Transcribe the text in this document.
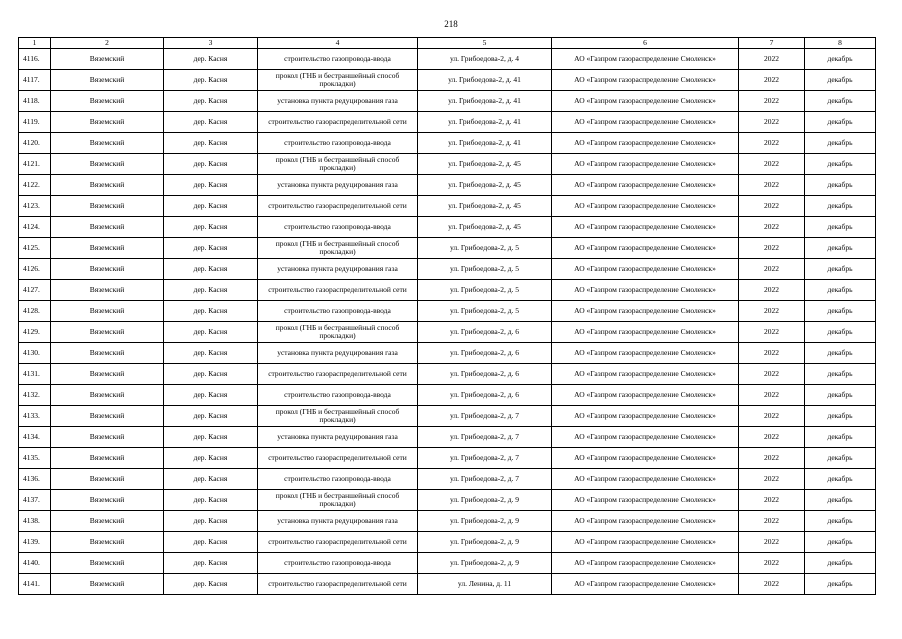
218
1	2	3	4	5	6	7	8
4116.	Вяземский	дер. Касня	строительство газопровода-ввода	ул. Грибоедова-2, д. 4	АО «Газпром газораспределение Смоленск»	2022	декабрь
4117.	Вяземский	дер. Касня	прокол (ГНБ и бестраншейный способ прокладки)	ул. Грибоедова-2, д. 41	АО «Газпром газораспределение Смоленск»	2022	декабрь
4118.	Вяземский	дер. Касня	установка пункта редуцирования газа	ул. Грибоедова-2, д. 41	АО «Газпром газораспределение Смоленск»	2022	декабрь
4119.	Вяземский	дер. Касня	строительство газораспределительной сети	ул. Грибоедова-2, д. 41	АО «Газпром газораспределение Смоленск»	2022	декабрь
4120.	Вяземский	дер. Касня	строительство газопровода-ввода	ул. Грибоедова-2, д. 41	АО «Газпром газораспределение Смоленск»	2022	декабрь
4121.	Вяземский	дер. Касня	прокол (ГНБ и бестраншейный способ прокладки)	ул. Грибоедова-2, д. 45	АО «Газпром газораспределение Смоленск»	2022	декабрь
4122.	Вяземский	дер. Касня	установка пункта редуцирования газа	ул. Грибоедова-2, д. 45	АО «Газпром газораспределение Смоленск»	2022	декабрь
4123.	Вяземский	дер. Касня	строительство газораспределительной сети	ул. Грибоедова-2, д. 45	АО «Газпром газораспределение Смоленск»	2022	декабрь
4124.	Вяземский	дер. Касня	строительство газопровода-ввода	ул. Грибоедова-2, д. 45	АО «Газпром газораспределение Смоленск»	2022	декабрь
4125.	Вяземский	дер. Касня	прокол (ГНБ и бестраншейный способ прокладки)	ул. Грибоедова-2, д. 5	АО «Газпром газораспределение Смоленск»	2022	декабрь
4126.	Вяземский	дер. Касня	установка пункта редуцирования газа	ул. Грибоедова-2, д. 5	АО «Газпром газораспределение Смоленск»	2022	декабрь
4127.	Вяземский	дер. Касня	строительство газораспределительной сети	ул. Грибоедова-2, д. 5	АО «Газпром газораспределение Смоленск»	2022	декабрь
4128.	Вяземский	дер. Касня	строительство газопровода-ввода	ул. Грибоедова-2, д. 5	АО «Газпром газораспределение Смоленск»	2022	декабрь
4129.	Вяземский	дер. Касня	прокол (ГНБ и бестраншейный способ прокладки)	ул. Грибоедова-2, д. 6	АО «Газпром газораспределение Смоленск»	2022	декабрь
4130.	Вяземский	дер. Касня	установка пункта редуцирования газа	ул. Грибоедова-2, д. 6	АО «Газпром газораспределение Смоленск»	2022	декабрь
4131.	Вяземский	дер. Касня	строительство газораспределительной сети	ул. Грибоедова-2, д. 6	АО «Газпром газораспределение Смоленск»	2022	декабрь
4132.	Вяземский	дер. Касня	строительство газопровода-ввода	ул. Грибоедова-2, д. 6	АО «Газпром газораспределение Смоленск»	2022	декабрь
4133.	Вяземский	дер. Касня	прокол (ГНБ и бестраншейный способ прокладки)	ул. Грибоедова-2, д. 7	АО «Газпром газораспределение Смоленск»	2022	декабрь
4134.	Вяземский	дер. Касня	установка пункта редуцирования газа	ул. Грибоедова-2, д. 7	АО «Газпром газораспределение Смоленск»	2022	декабрь
4135.	Вяземский	дер. Касня	строительство газораспределительной сети	ул. Грибоедова-2, д. 7	АО «Газпром газораспределение Смоленск»	2022	декабрь
4136.	Вяземский	дер. Касня	строительство газопровода-ввода	ул. Грибоедова-2, д. 7	АО «Газпром газораспределение Смоленск»	2022	декабрь
4137.	Вяземский	дер. Касня	прокол (ГНБ и бестраншейный способ прокладки)	ул. Грибоедова-2, д. 9	АО «Газпром газораспределение Смоленск»	2022	декабрь
4138.	Вяземский	дер. Касня	установка пункта редуцирования газа	ул. Грибоедова-2, д. 9	АО «Газпром газораспределение Смоленск»	2022	декабрь
4139.	Вяземский	дер. Касня	строительство газораспределительной сети	ул. Грибоедова-2, д. 9	АО «Газпром газораспределение Смоленск»	2022	декабрь
4140.	Вяземский	дер. Касня	строительство газопровода-ввода	ул. Грибоедова-2, д. 9	АО «Газпром газораспределение Смоленск»	2022	декабрь
4141.	Вяземский	дер. Касня	строительство газораспределительной сети	ул. Ленина, д. 11	АО «Газпром газораспределение Смоленск»	2022	декабрь
